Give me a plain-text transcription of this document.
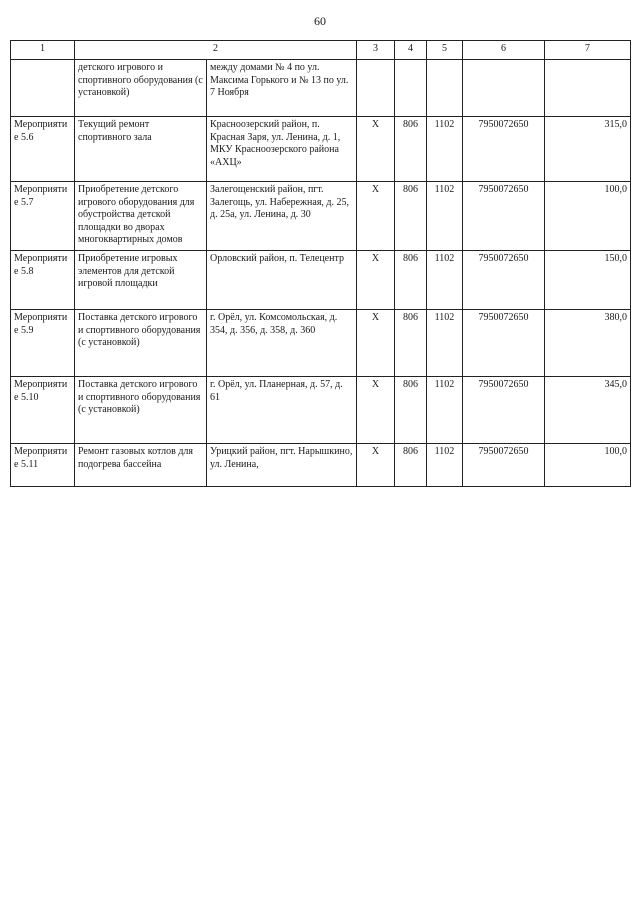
60
1	2		3	4	5	6	7
	детского игрового и спортивного оборудования (с установкой)	между домами № 4 по ул. Максима Горького и № 13 по ул. 7 Ноября					
Мероприятие 5.6	Текущий ремонт спортивного зала	Красноозерский район, п. Красная Заря, ул. Ленина, д. 1, МКУ Красноозерского района «АХЦ»	X	806	1102	7950072650	315,0
Мероприятие 5.7	Приобретение детского игрового оборудования для обустройства детской площадки во дворах многоквартирных домов	Залегощенский район, пгт. Залегощь, ул. Набережная, д. 25, д. 25а, ул. Ленина, д. 30	X	806	1102	7950072650	100,0
Мероприятие 5.8	Приобретение игровых элементов для детской игровой площадки	Орловский район, п. Телецентр	X	806	1102	7950072650	150,0
Мероприятие 5.9	Поставка детского игрового и спортивного оборудования (с установкой)	г. Орёл, ул. Комсомольская, д. 354, д. 356, д. 358, д. 360	X	806	1102	7950072650	380,0
Мероприятие 5.10	Поставка детского игрового и спортивного оборудования (с установкой)	г. Орёл, ул. Планерная, д. 57, д. 61	X	806	1102	7950072650	345,0
Мероприятие 5.11	Ремонт газовых котлов для подогрева бассейна	Урицкий район, пгт. Нарышкино, ул. Ленина,	X	806	1102	7950072650	100,0
